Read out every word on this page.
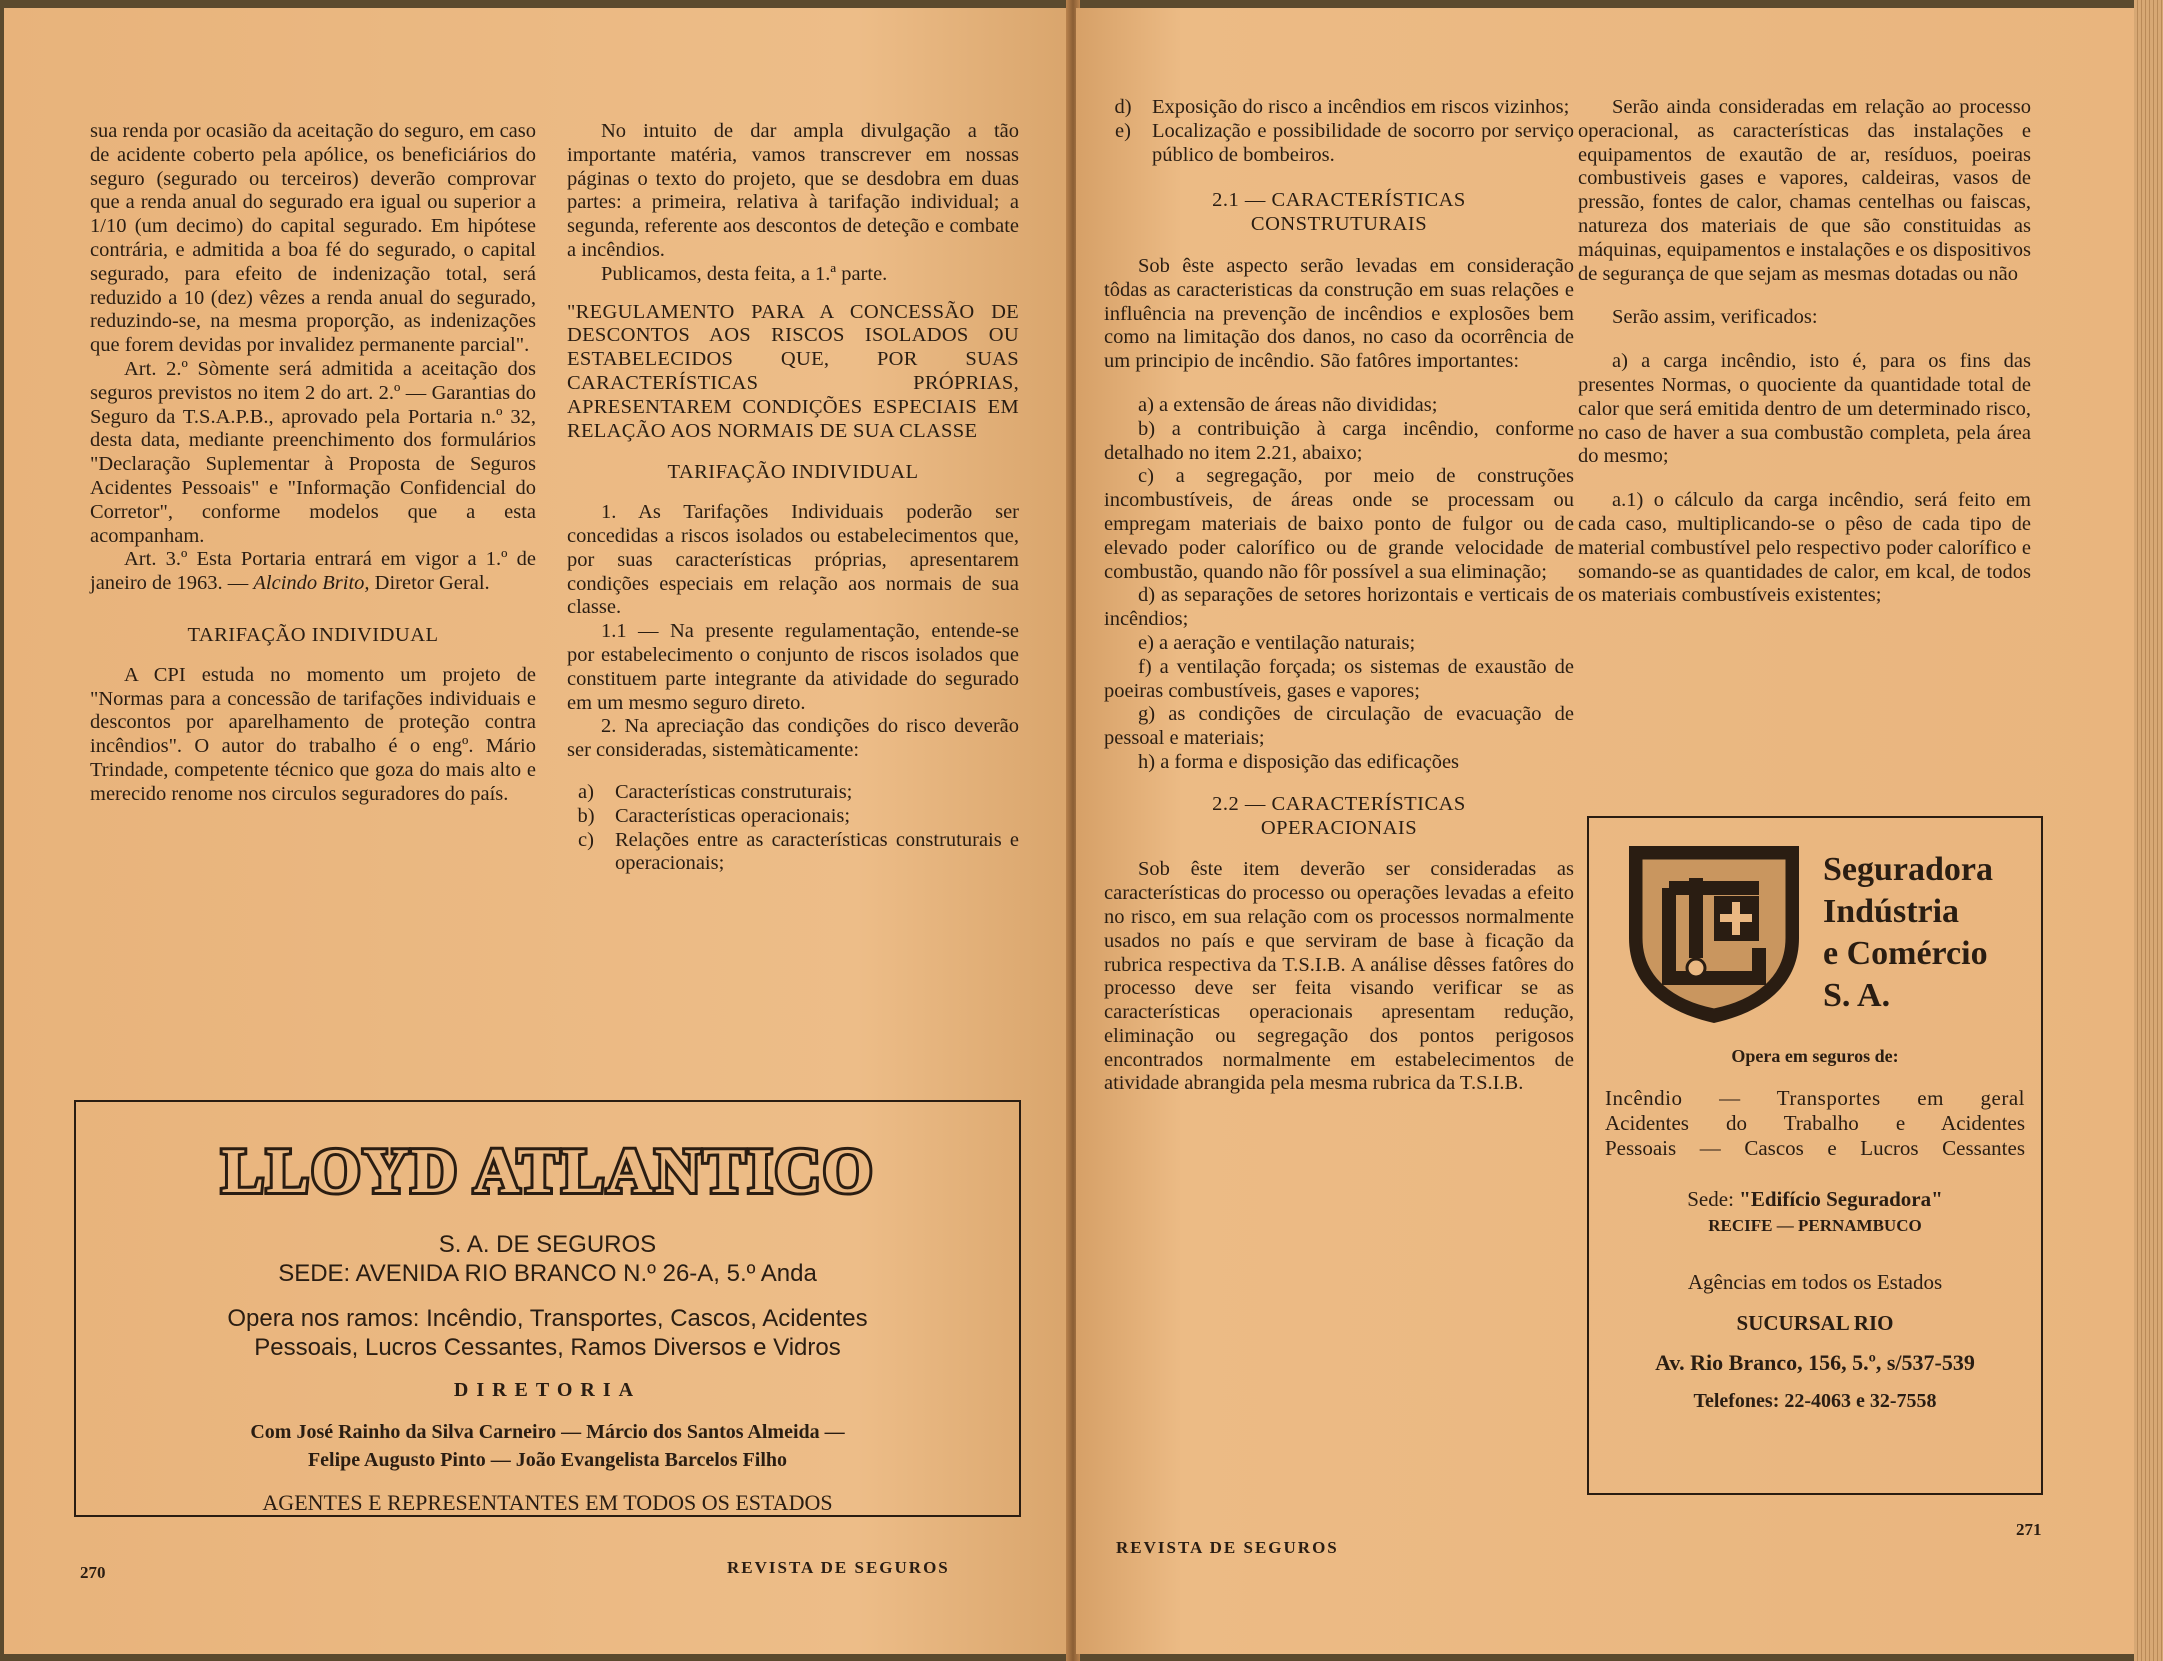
sua renda por ocasião da aceitação do seguro, em caso de acidente coberto pela apólice, os beneficiários do seguro (segurado ou terceiros) deverão comprovar que a renda anual do segurado era igual ou superior a 1/10 (um decimo) do capital segurado. Em hipótese contrária, e admitida a boa fé do segurado, o capital segurado, para efeito de indenização total, será reduzido a 10 (dez) vêzes a renda anual do segurado, reduzindo-se, na mesma proporção, as indenizações que forem devidas por invalidez permanente parcial".

Art. 2.º Sòmente será admitida a aceitação dos seguros previstos no item 2 do art. 2.º — Garantias do Seguro da T.S.A.P.B., aprovado pela Portaria n.º 32, desta data, mediante preenchimento dos formulários "Declaração Suplementar à Proposta de Seguros Acidentes Pessoais" e "Informação Confidencial do Corretor", conforme modelos que a esta acompanham.

Art. 3.º Esta Portaria entrará em vigor a 1.º de janeiro de 1963. — Alcindo Brito, Diretor Geral.

TARIFAÇÃO INDIVIDUAL

A CPI estuda no momento um projeto de "Normas para a concessão de tarifações individuais e descontos por aparelhamento de proteção contra incêndios". O autor do trabalho é o engº. Mário Trindade, competente técnico que goza do mais alto e merecido renome nos circulos seguradores do país.

No intuito de dar ampla divulgação a tão importante matéria, vamos transcrever em nossas páginas o texto do projeto, que se desdobra em duas partes: a primeira, relativa à tarifação individual; a segunda, referente aos descontos de deteção e combate a incêndios.

Publicamos, desta feita, a 1.ª parte.

"REGULAMENTO PARA A CONCESSÃO DE DESCONTOS AOS RISCOS ISOLADOS OU ESTABELECIDOS QUE, POR SUAS CARACTERÍSTICAS PRÓPRIAS, APRESENTAREM CONDIÇÕES ESPECIAIS EM RELAÇÃO AOS NORMAIS DE SUA CLASSE
TARIFAÇÃO INDIVIDUAL

1. As Tarifações Individuais poderão ser concedidas a riscos isolados ou estabelecimentos que, por suas características próprias, apresentarem condições especiais em relação aos normais de sua classe.

1.1 — Na presente regulamentação, entende-se por estabelecimento o conjunto de riscos isolados que constituem parte integrante da atividade do segurado em um mesmo seguro direto.

2. Na apreciação das condições do risco deverão ser consideradas, sistemàticamente:

a)	Características construturais;
b) Características operacionais;
c)	Relações entre as características construturais e operacionais;
LLOYD ATLANTICO
S. A. DE SEGUROS
SEDE: AVENIDA RIO BRANCO N.º 26-A, 5.º Anda
Opera nos ramos: Incêndio, Transportes, Cascos, Acidentes
Pessoais, Lucros Cessantes, Ramos Diversos e Vidros
DIRETORIA
Com José Rainho da Silva Carneiro — Márcio dos Santos Almeida —
Felipe Augusto Pinto — João Evangelista Barcelos Filho
AGENTES E REPRESENTANTES EM TODOS OS ESTADOS
270	REVISTA DE SEGUROS
d) Exposição do risco a incêndios em riscos vizinhos;
e)	Localização e possibilidade de socorro por serviço público de bombeiros.
2.1 — CARACTERÍSTICAS CONSTRUTURAIS

Sob êste aspecto serão levadas em consideração tôdas as caracteristicas da construção em suas relações e influência na prevenção de incêndios e explosões bem como na limitação dos danos, no caso da ocorrência de um principio de incêndio. São fatôres importantes:

a) a extensão de áreas não divididas;

b) a contribuição à carga incêndio, conforme detalhado no item 2.21, abaixo;

c) a segregação, por meio de construções incombustíveis, de áreas onde se processam ou empregam materiais de baixo ponto de fulgor ou de elevado poder calorífico ou de grande velocidade de combustão, quando não fôr possível a sua eliminação;

d) as separações de setores horizontais e verticais de incêndios;

e) a aeração e ventilação naturais;

f) a ventilação forçada; os sistemas de exaustão de poeiras combustíveis, gases e vapores;

g) as condições de circulação de evacuação de pessoal e materiais;

h) a forma e disposição das edificações

2.2 — CARACTERÍSTICAS OPERACIONAIS

Sob êste item deverão ser consideradas as características do processo ou operações levadas a efeito no risco, em sua relação com os processos normalmente usados no país e que serviram de base à ficação da rubrica respectiva da T.S.I.B. A análise dêsses fatôres do processo deve ser feita visando verificar se as características operacionais apresentam redução, eliminação ou segregação dos pontos perigosos encontrados normalmente em estabelecimentos de atividade abrangida pela mesma rubrica da T.S.I.B.

Serão ainda consideradas em relação ao processo operacional, as características das instalações e equipamentos de exautão de ar, resíduos, poeiras combustiveis gases e vapores, caldeiras, vasos de pressão, fontes de calor, chamas centelhas ou faiscas, natureza dos materiais de que são constituidas as máquinas, equipamentos e instalações e os dispositivos de segurança de que sejam as mesmas dotadas ou não

Serão assim, verificados:

a) a carga incêndio, isto é, para os fins das presentes Normas, o quociente da quantidade total de calor que será emitida dentro de um determinado risco, no caso de haver a sua combustão completa, pela área do mesmo;

a.1) o cálculo da carga incêndio, será feito em cada caso, multiplicando-se o pêso de cada tipo de material combustível pelo respectivo poder calorífico e somando-se as quantidades de calor, em kcal, de todos os materiais combustíveis existentes;

Seguradora
Indústria
e Comércio
S. A.
Opera em seguros de:
Incêndio — Transportes em geral
Acidentes do Trabalho e Acidentes
Pessoais — Cascos e Lucros Cessantes
Sede: "Edifício Seguradora"
RECIFE — PERNAMBUCO
Agências em todos os Estados
SUCURSAL RIO
Av. Rio Branco, 156, 5.º, s/537-539
Telefones: 22-4063 e 32-7558
REVISTA DE SEGUROS
271
